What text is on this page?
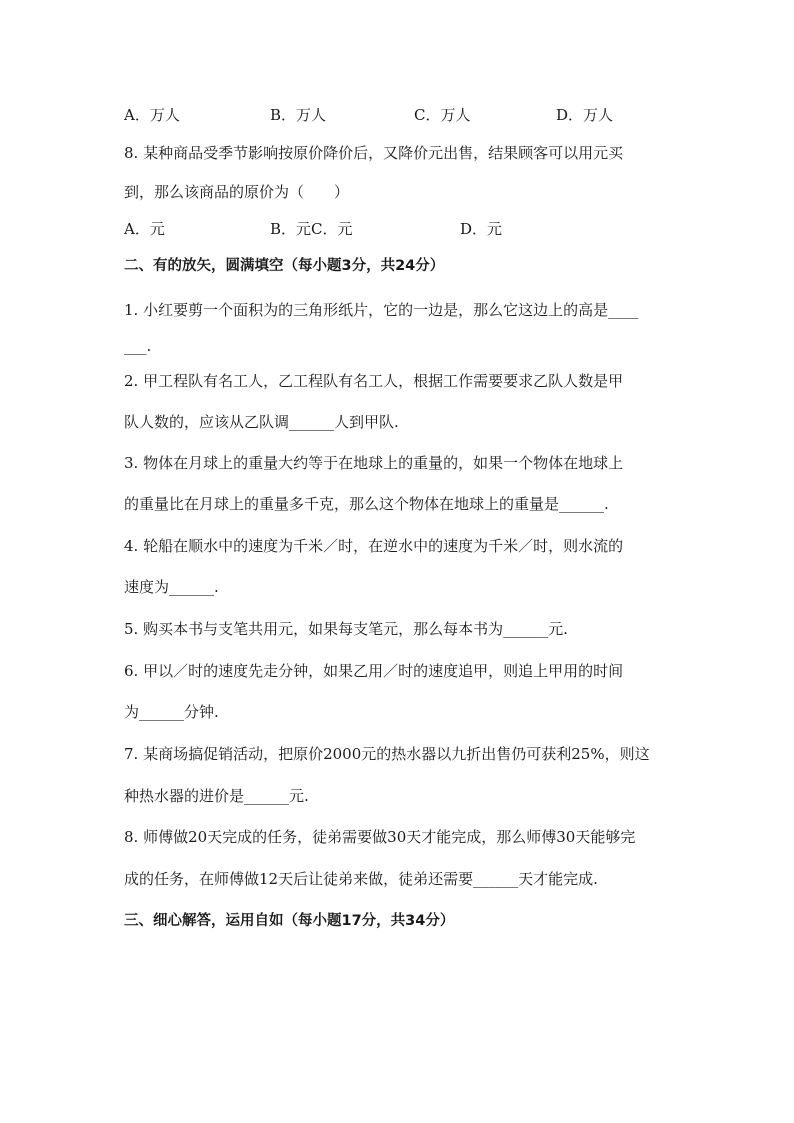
A．万人	B．万人	C．万人	D．万人
8. 某种商品受季节影响按原价降价后，又降价元出售，结果顾客可以用元买
到，那么该商品的原价为（　　）
A．元	B．元C．元	D．元
二、有的放矢，圆满填空（每小题3分，共24分）
1. 小红要剪一个面积为的三角形纸片，它的一边是，那么它这边上的高是____
___.
2. 甲工程队有名工人，乙工程队有名工人，根据工作需要要求乙队人数是甲
队人数的，应该从乙队调______人到甲队.
3. 物体在月球上的重量大约等于在地球上的重量的，如果一个物体在地球上
的重量比在月球上的重量多千克，那么这个物体在地球上的重量是______.
4. 轮船在顺水中的速度为千米／时，在逆水中的速度为千米／时，则水流的
速度为______.
5. 购买本书与支笔共用元，如果每支笔元，那么每本书为______元.
6. 甲以／时的速度先走分钟，如果乙用／时的速度追甲，则追上甲用的时间
为______分钟.
7. 某商场搞促销活动，把原价2000元的热水器以九折出售仍可获利25%，则这
种热水器的进价是______元.
8. 师傅做20天完成的任务，徒弟需要做30天才能完成，那么师傅30天能够完
成的任务，在师傅做12天后让徒弟来做，徒弟还需要______天才能完成.
三、细心解答，运用自如（每小题17分，共34分）
